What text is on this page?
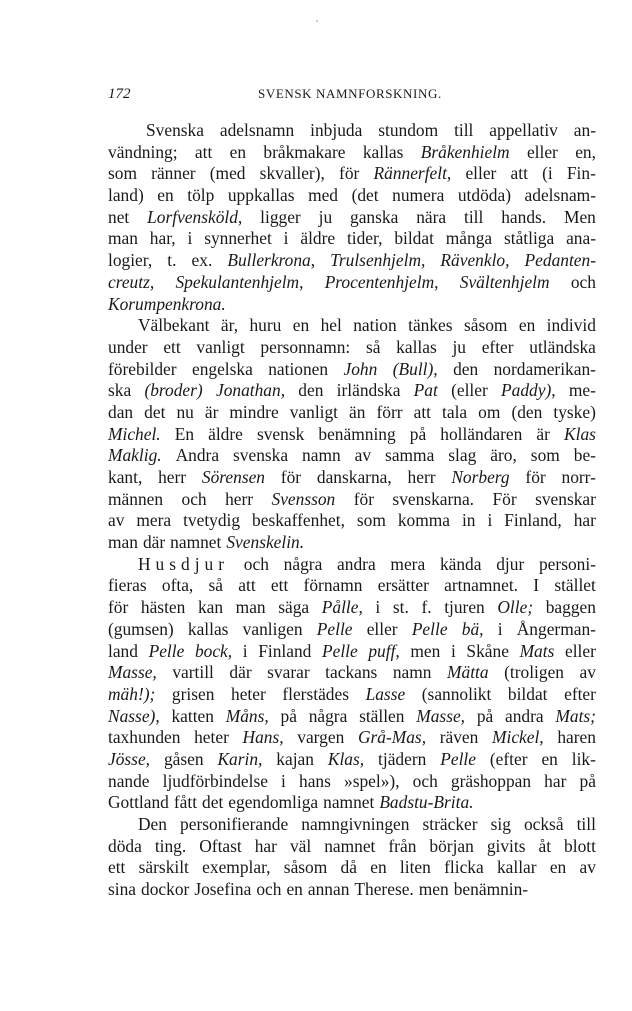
172	SVENSK NAMNFORSKNING.
Svenska adelsnamn inbjuda stundom till appellativ an-
vändning; att en bråkmakare kallas Bråkenhielm eller en,
som ränner (med skvaller), för Rännerfelt, eller att (i Fin-
land) en tölp uppkallas med (det numera utdöda) adelsnam-
net Lorfvensköld, ligger ju ganska nära till hands. Men
man har, i synnerhet i äldre tider, bildat många ståtliga ana-
logier, t. ex. Bullerkrona, Trulsenhjelm, Rävenklo, Pedanten-
creutz, Spekulantenhjelm, Procentenhjelm, Svältenhjelm och
Korumpenkrona.
Välbekant är, huru en hel nation tänkes såsom en individ
under ett vanligt personnamn: så kallas ju efter utländska
förebilder engelska nationen John (Bull), den nordamerikan-
ska (broder) Jonathan, den irländska Pat (eller Paddy), me-
dan det nu är mindre vanligt än förr att tala om (den tyske)
Michel. En äldre svensk benämning på holländaren är Klas
Maklig. Andra svenska namn av samma slag äro, som be-
kant, herr Sörensen för danskarna, herr Norberg för norr-
männen och herr Svensson för svenskarna. För svenskar
av mera tvetydig beskaffenhet, som komma in i Finland, har
man där namnet Svenskelin.
Husdjur och några andra mera kända djur personi-
fieras ofta, så att ett förnamn ersätter artnamnet. I stället
för hästen kan man säga Pålle, i st. f. tjuren Olle; baggen
(gumsen) kallas vanligen Pelle eller Pelle bä, i Ångerman-
land Pelle bock, i Finland Pelle puff, men i Skåne Mats eller
Masse, vartill där svarar tackans namn Mätta (troligen av
mäh!); grisen heter flerstädes Lasse (sannolikt bildat efter
Nasse), katten Måns, på några ställen Masse, på andra Mats;
taxhunden heter Hans, vargen Grå-Mas, räven Mickel, haren
Jösse, gåsen Karin, kajan Klas, tjädern Pelle (efter en lik-
nande ljudförbindelse i hans »spel»), och gräshoppan har på
Gottland fått det egendomliga namnet Badstu-Brita.
Den personifierande namngivningen sträcker sig också till
döda ting. Oftast har väl namnet från början givits åt blott
ett särskilt exemplar, såsom då en liten flicka kallar en av
sina dockor Josefina och en annan Therese. men benämnin-
